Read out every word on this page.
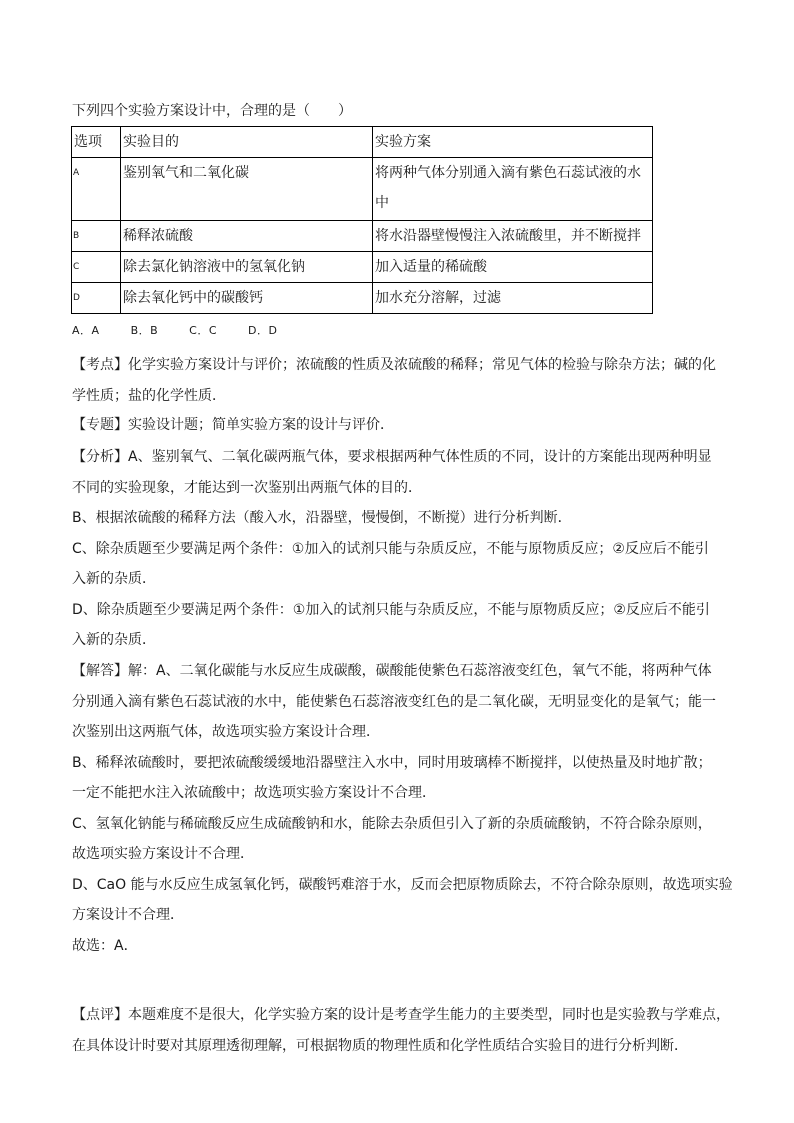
下列四个实验方案设计中，合理的是（　　）
选项	实验目的	实验方案
A	鉴别氧气和二氧化碳	将两种气体分别通入滴有紫色石蕊试液的水
中

B	稀释浓硫酸	将水沿器壁慢慢注入浓硫酸里，并不断搅拌
C	除去氯化钠溶液中的氢氧化钠	加入适量的稀硫酸
D	除去氧化钙中的碳酸钙	加水充分溶解，过滤
A．A	B．B	C．C	D．D
【考点】化学实验方案设计与评价；浓硫酸的性质及浓硫酸的稀释；常见气体的检验与除杂方法；碱的化
学性质；盐的化学性质．
【专题】实验设计题；简单实验方案的设计与评价．
【分析】A、鉴别氧气、二氧化碳两瓶气体，要求根据两种气体性质的不同，设计的方案能出现两种明显
不同的实验现象，才能达到一次鉴别出两瓶气体的目的．
B、根据浓硫酸的稀释方法（酸入水，沿器壁，慢慢倒，不断搅）进行分析判断．
C、除杂质题至少要满足两个条件：①加入的试剂只能与杂质反应，不能与原物质反应；②反应后不能引
入新的杂质．
D、除杂质题至少要满足两个条件：①加入的试剂只能与杂质反应，不能与原物质反应；②反应后不能引
入新的杂质．
【解答】解：A、二氧化碳能与水反应生成碳酸，碳酸能使紫色石蕊溶液变红色，氧气不能，将两种气体
分别通入滴有紫色石蕊试液的水中，能使紫色石蕊溶液变红色的是二氧化碳，无明显变化的是氧气；能一
次鉴别出这两瓶气体，故选项实验方案设计合理．
B、稀释浓硫酸时，要把浓硫酸缓缓地沿器壁注入水中，同时用玻璃棒不断搅拌，以使热量及时地扩散；
一定不能把水注入浓硫酸中；故选项实验方案设计不合理．
C、氢氧化钠能与稀硫酸反应生成硫酸钠和水，能除去杂质但引入了新的杂质硫酸钠，不符合除杂原则，
故选项实验方案设计不合理．
D、CaO 能与水反应生成氢氧化钙，碳酸钙难溶于水，反而会把原物质除去，不符合除杂原则，故选项实验
方案设计不合理．
故选：A．
【点评】本题难度不是很大，化学实验方案的设计是考查学生能力的主要类型，同时也是实验教与学难点，
在具体设计时要对其原理透彻理解，可根据物质的物理性质和化学性质结合实验目的进行分析判断．
